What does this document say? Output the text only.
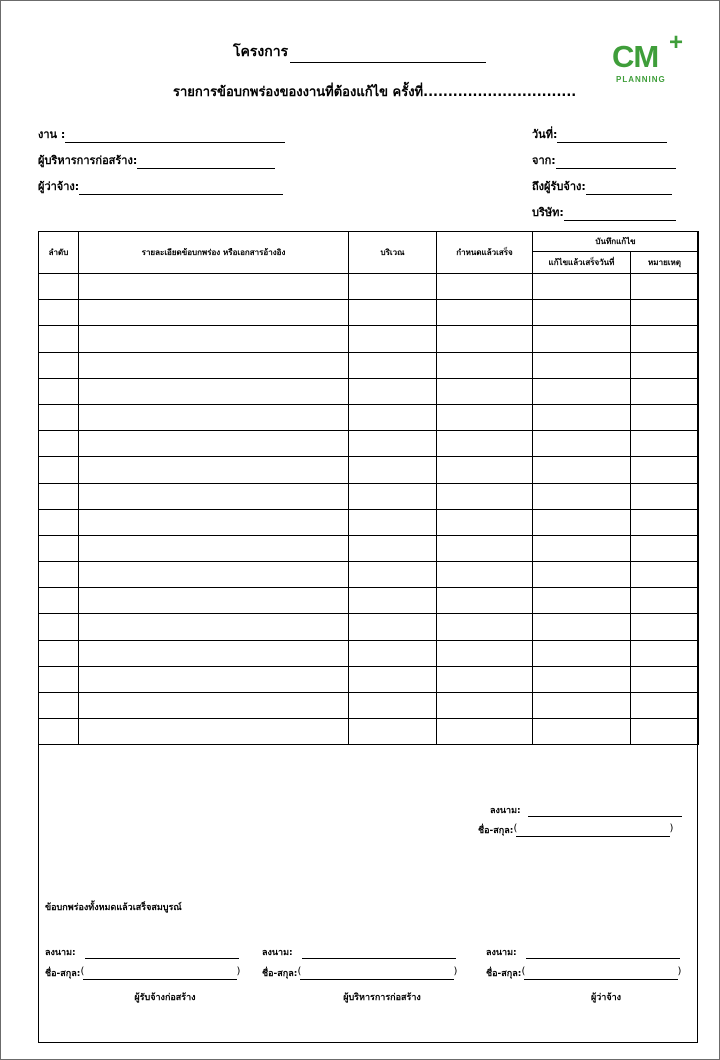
โครงการ
รายการข้อบกพร่องของงานที่ต้องแก้ไข ครั้งที่...............................
CM +
PLANNING
งาน :
ผู้บริหารการก่อสร้าง:
ผู้ว่าจ้าง:
วันที่:
จาก:
ถึงผู้รับจ้าง:
บริษัท:
ลำดับ	รายละเอียดข้อบกพร่อง หรือเอกสารอ้างอิง	บริเวณ	กำหนดแล้วเสร็จ	บันทึกแก้ไข	
				แก้ไขแล้วเสร็จวันที่	หมายเหตุ

ลงนาม:
ชื่อ-สกุล: (	)
ข้อบกพร่องทั้งหมดแล้วเสร็จสมบูรณ์
ลงนาม:
ชื่อ-สกุล: (	)
ผู้รับจ้างก่อสร้าง
ลงนาม:
ชื่อ-สกุล: (	)
ผู้บริหารการก่อสร้าง
ลงนาม:
ชื่อ-สกุล: (	)
ผู้ว่าจ้าง
